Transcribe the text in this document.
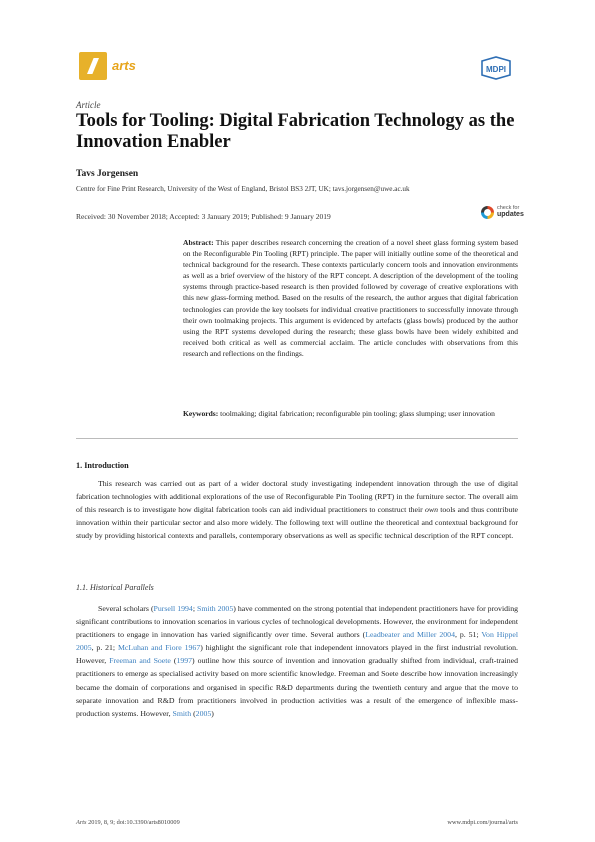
arts	MDPI
Article
Tools for Tooling: Digital Fabrication Technology as the Innovation Enabler
Tavs Jorgensen
Centre for Fine Print Research, University of the West of England, Bristol BS3 2JT, UK; tavs.jorgensen@uwe.ac.uk
Received: 30 November 2018; Accepted: 3 January 2019; Published: 9 January 2019
check for
updates
Abstract: This paper describes research concerning the creation of a novel sheet glass forming system based on the Reconfigurable Pin Tooling (RPT) principle. The paper will initially outline some of the theoretical and technical background for the research. These contexts particularly concern tools and innovation environments as well as a brief overview of the history of the RPT concept. A description of the development of the tooling systems through practice-based research is then provided followed by coverage of creative explorations with this new glass-forming method. Based on the results of the research, the author argues that digital fabrication technologies can provide the key toolsets for individual creative practitioners to successfully innovate through their own toolmaking projects. This argument is evidenced by artefacts (glass bowls) produced by the author using the RPT systems developed during the research; these glass bowls have been widely exhibited and received both critical as well as commercial acclaim. The article concludes with observations from this research and reflections on the findings.
Keywords: toolmaking; digital fabrication; reconfigurable pin tooling; glass slumping; user innovation
1. Introduction
This research was carried out as part of a wider doctoral study investigating independent innovation through the use of digital fabrication technologies with additional explorations of the use of Reconfigurable Pin Tooling (RPT) in the furniture sector. The overall aim of this research is to investigate how digital fabrication tools can aid individual practitioners to construct their own tools and thus contribute innovation within their particular sector and also more widely. The following text will outline the theoretical and contextual background for study by providing historical contexts and parallels, contemporary observations as well as specific technical description of the RPT concept.
1.1. Historical Parallels
Several scholars (Pursell 1994; Smith 2005) have commented on the strong potential that independent practitioners have for providing significant contributions to innovation scenarios in various cycles of technological developments. However, the environment for independent practitioners to engage in innovation has varied significantly over time. Several authors (Leadbeater and Miller 2004, p. 51; Von Hippel 2005, p. 21; McLuhan and Fiore 1967) highlight the significant role that independent innovators played in the first industrial revolution. However, Freeman and Soete (1997) outline how this source of invention and innovation gradually shifted from individual, craft-trained practitioners to emerge as specialised activity based on more scientific knowledge. Freeman and Soete describe how innovation increasingly became the domain of corporations and organised in specific R&D departments during the twentieth century and argue that the move to separate innovation and R&D from practitioners involved in production activities was a result of the emergence of inflexible mass-production systems. However, Smith (2005)
Arts 2019, 8, 9; doi:10.3390/arts8010009	www.mdpi.com/journal/arts
